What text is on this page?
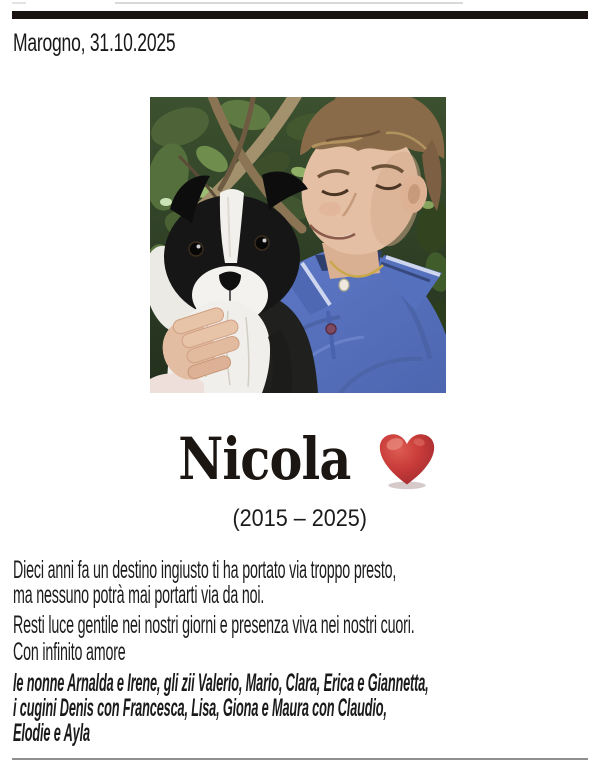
Marogno, 31.10.2025
Nicola
(2015 – 2025)
Dieci anni fa un destino ingiusto ti ha portato via troppo presto,
ma nessuno potrà mai portarti via da noi.
Resti luce gentile nei nostri giorni e presenza viva nei nostri cuori.
Con infinito amore
le nonne Arnalda e Irene, gli zii Valerio, Mario, Clara, Erica e Giannetta,
i cugini Denis con Francesca, Lisa, Giona e Maura con Claudio,
Elodie e Ayla
